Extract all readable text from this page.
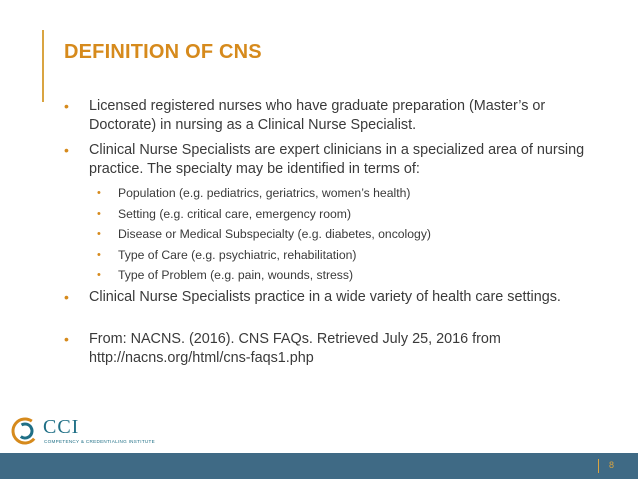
DEFINITION OF CNS
• Licensed registered nurses who have graduate preparation (Master’s or Doctorate) in nursing as a Clinical Nurse Specialist.
• Clinical Nurse Specialists are expert clinicians in a specialized area of nursing practice. The specialty may be identified in terms of:
• Population (e.g. pediatrics, geriatrics, women’s health)
• Setting (e.g. critical care, emergency room)
• Disease or Medical Subspecialty (e.g. diabetes, oncology)
• Type of Care (e.g. psychiatric, rehabilitation)
• Type of Problem (e.g. pain, wounds, stress)
• Clinical Nurse Specialists practice in a wide variety of health care settings.
• From: NACNS. (2016). CNS FAQs. Retrieved July 25, 2016 from http://nacns.org/html/cns-faqs1.php
CCI
COMPETENCY & CREDENTIALING INSTITUTE
8
